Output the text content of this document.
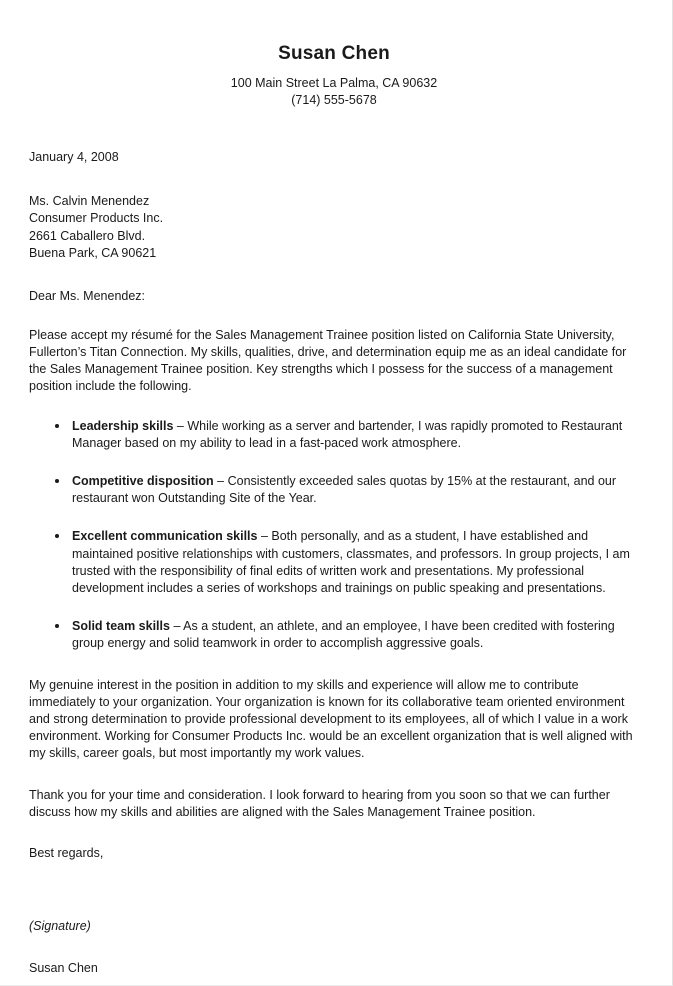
Susan Chen
100 Main Street La Palma, CA 90632
(714) 555-5678
January 4, 2008
Ms. Calvin Menendez
Consumer Products Inc.
2661 Caballero Blvd.
Buena Park, CA 90621
Dear Ms. Menendez:
Please accept my résumé for the Sales Management Trainee position listed on California State University, Fullerton’s Titan Connection. My skills, qualities, drive, and determination equip me as an ideal candidate for the Sales Management Trainee position. Key strengths which I possess for the success of a management position include the following.
Leadership skills – While working as a server and bartender, I was rapidly promoted to Restaurant Manager based on my ability to lead in a fast-paced work atmosphere.
Competitive disposition – Consistently exceeded sales quotas by 15% at the restaurant, and our restaurant won Outstanding Site of the Year.
Excellent communication skills – Both personally, and as a student, I have established and maintained positive relationships with customers, classmates, and professors. In group projects, I am trusted with the responsibility of final edits of written work and presentations. My professional development includes a series of workshops and trainings on public speaking and presentations.
Solid team skills – As a student, an athlete, and an employee, I have been credited with fostering group energy and solid teamwork in order to accomplish aggressive goals.
My genuine interest in the position in addition to my skills and experience will allow me to contribute immediately to your organization. Your organization is known for its collaborative team oriented environment and strong determination to provide professional development to its employees, all of which I value in a work environment. Working for Consumer Products Inc. would be an excellent organization that is well aligned with my skills, career goals, but most importantly my work values.
Thank you for your time and consideration. I look forward to hearing from you soon so that we can further discuss how my skills and abilities are aligned with the Sales Management Trainee position.
Best regards,
(Signature)
Susan Chen
